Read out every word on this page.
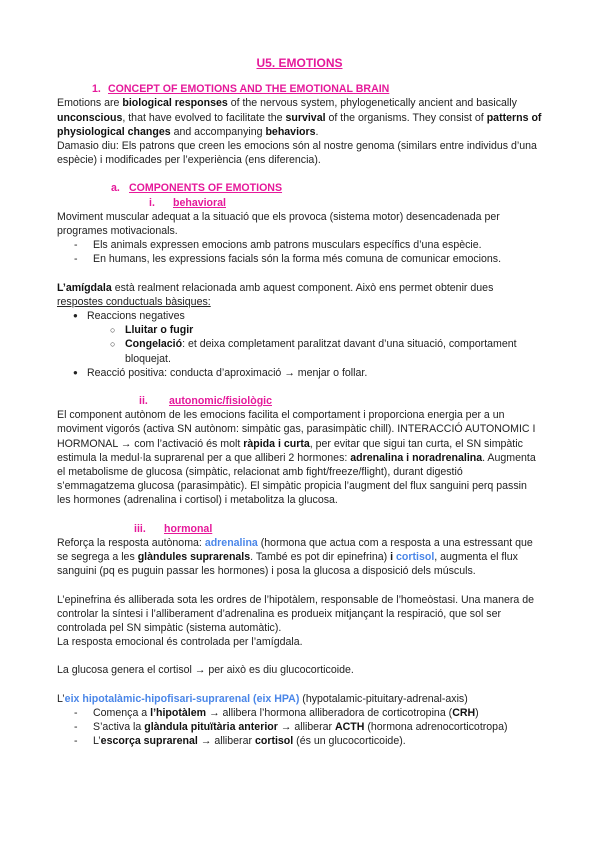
U5. EMOTIONS
1. CONCEPT OF EMOTIONS AND THE EMOTIONAL BRAIN

Emotions are biological responses of the nervous system, phylogenetically ancient and basically unconscious, that have evolved to facilitate the survival of the organisms. They consist of patterns of physiological changes and accompanying behaviors.

Damasio diu: Els patrons que creen les emocions són al nostre genoma (similars entre individus d’una espècie) i modificades per l’experiència (ens diferencia).

a. COMPONENTS OF EMOTIONS
i. behavioral

Moviment muscular adequat a la situació que els provoca (sistema motor) desencadenada per programes motivacionals.

- Els animals expressen emocions amb patrons musculars específics d’una espècie.
- En humans, les expressions facials són la forma més comuna de comunicar emocions.

L’amígdala està realment relacionada amb aquest component. Això ens permet obtenir dues respostes conductuals bàsiques:

● Reaccions negatives
○ Lluitar o fugir
○ Congelació: et deixa completament paralitzat davant d’una situació, comportament bloquejat.
● Reacció positiva: conducta d’aproximació → menjar o follar.
ii. autonomic/fisiològic

El component autònom de les emocions facilita el comportament i proporciona energia per a un moviment vigorós (activa SN autònom: simpàtic gas, parasimpàtic chill). INTERACCIÓ AUTONOMIC I HORMONAL → com l’activació és molt ràpida i curta, per evitar que sigui tan curta, el SN simpàtic estimula la medul·la suprarenal per a que alliberi 2 hormones: adrenalina i noradrenalina. Augmenta el metabolisme de glucosa (simpàtic, relacionat amb fight/freeze/flight), durant digestió s’emmagatzema glucosa (parasimpàtic). El simpàtic propicia l’augment del flux sanguini perq passin les hormones (adrenalina i cortisol) i metabolitza la glucosa.

iii. hormonal

Reforça la resposta autònoma: adrenalina (hormona que actua com a resposta a una estressant que se segrega a les glàndules suprarenals. També es pot dir epinefrina) i cortisol, augmenta el flux sanguini (pq es puguin passar les hormones) i posa la glucosa a disposició dels músculs.

L’epinefrina és alliberada sota les ordres de l’hipotàlem, responsable de l’homeòstasi. Una manera de controlar la síntesi i l’alliberament d’adrenalina es produeix mitjançant la respiració, que sol ser controlada pel SN simpàtic (sistema automàtic).

La resposta emocional és controlada per l’amígdala.

La glucosa genera el cortisol → per això es diu glucocorticoide.

L’eix hipotalàmic-hipofisari-suprarenal (eix HPA) (hypotalamic-pituitary-adrenal-axis)

- Comença a l’hipotàlem → allibera l’hormona alliberadora de corticotropina (CRH)
- S’activa la glàndula pituïtària anterior → alliberar ACTH (hormona adrenocorticotropa)
- L’escorça suprarenal → alliberar cortisol (és un glucocorticoide).
